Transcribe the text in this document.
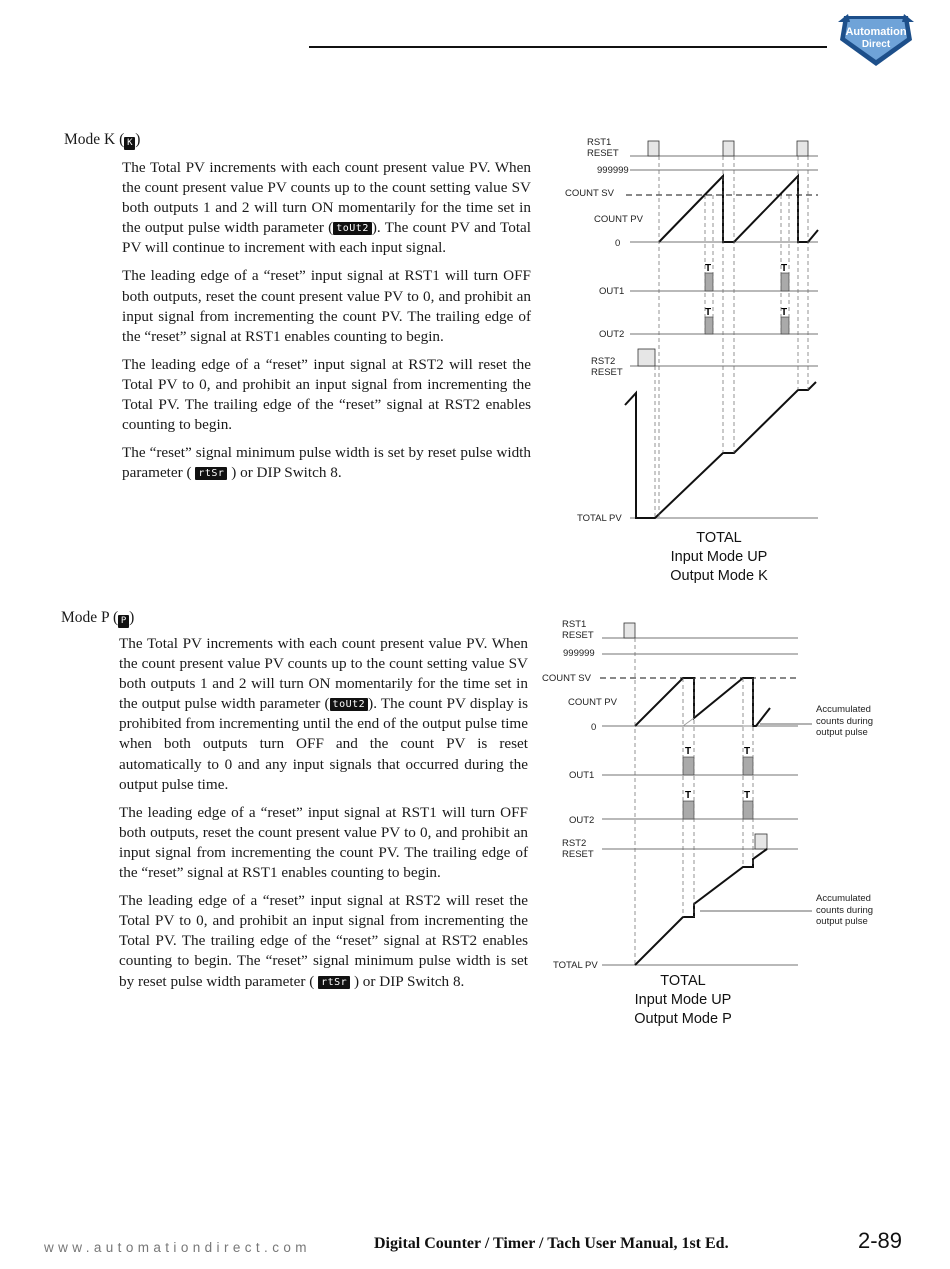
Automation
Direct
Mode K ( K )

The Total PV increments with each count present value PV. When the count present value PV counts up to the count setting value SV both outputs 1 and 2 will turn ON momentarily for the time set in the output pulse width parameter ( toUt2 ). The count PV and Total PV will continue to increment with each input signal.

The leading edge of a “reset” input signal at RST1 will turn OFF both outputs, reset the count present value PV to 0, and prohibit an input signal from incrementing the count PV. The trailing edge of the “reset” signal at RST1 enables counting to begin.

The leading edge of a “reset” input signal at RST2 will reset the Total PV to 0, and prohibit an input signal from incrementing the Total PV. The trailing edge of the “reset” signal at RST2 enables counting to begin.

The “reset” signal minimum pulse width is set by reset pulse width parameter ( rtSr ) or DIP Switch 8.

RST1
RESET
999999
COUNT SV
COUNT PV
0
OUT1
OUT2
RST2
RESET
TOTAL PV
T	T
T	T
TOTAL
Input Mode UP
Output Mode K
Mode P ( P )

The Total PV increments with each count present value PV. When the count present value PV counts up to the count setting value SV both outputs 1 and 2 will turn ON momentarily for the time set in the output pulse width parameter ( toUt2 ). The count PV display is prohibited from incrementing until the end of the output pulse time when both outputs turn OFF and the count PV is reset automatically to 0 and any input signals that occurred during the output pulse time.

The leading edge of a “reset” input signal at RST1 will turn OFF both outputs, reset the count present value PV to 0, and prohibit an input signal from incrementing the count PV. The trailing edge of the “reset” signal at RST1 enables counting to begin.

The leading edge of a “reset” input signal at RST2 will reset the Total PV to 0, and prohibit an input signal from incrementing the Total PV. The trailing edge of the “reset” signal at RST2 enables counting to begin. The “reset” signal minimum pulse width is set by reset pulse width parameter ( rtSr ) or DIP Switch 8.

RST1
RESET
999999
COUNT SV
COUNT PV
0
OUT1
OUT2
RST2
RESET
TOTAL PV
T	T
T	T
Accumulated
counts during
output pulse
Accumulated
counts during
output pulse
TOTAL
Input Mode UP
Output Mode P
www.automationdirect.com	Digital Counter / Timer / Tach User Manual, 1st Ed.	2-89
